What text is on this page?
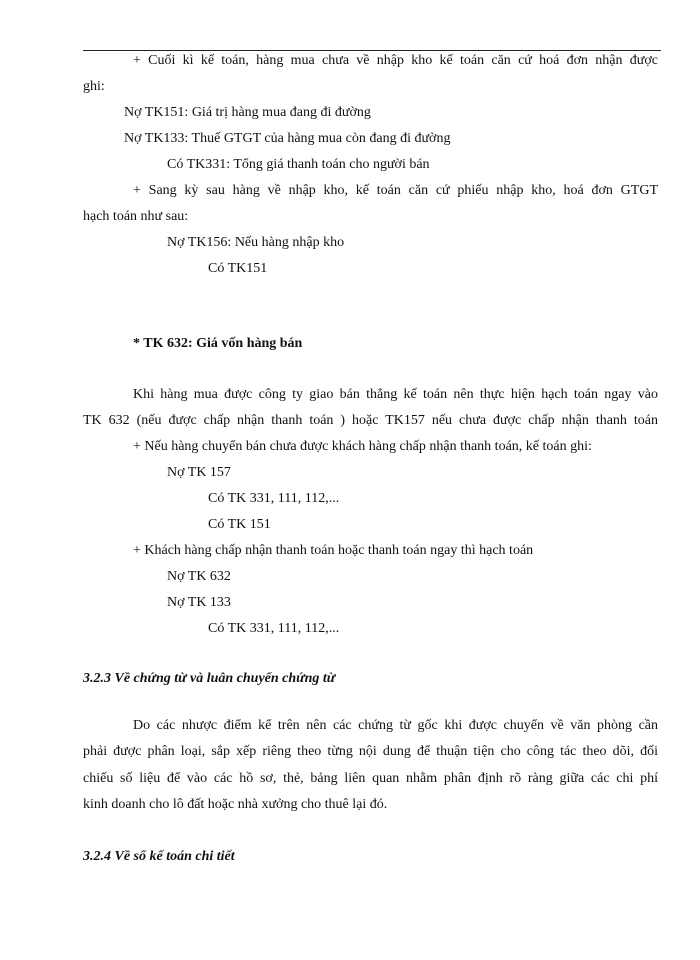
+ Cuối kì kế toán, hàng mua chưa về nhập kho kế toán căn cứ hoá đơn nhận được
ghi:
Nợ TK151: Giá trị hàng mua đang đi đường
Nợ TK133: Thuế GTGT của hàng mua còn đang đi đường
Có TK331: Tổng giá thanh toán cho người bán
+ Sang kỳ sau hàng về nhập kho, kế toán căn cứ phiếu nhập kho, hoá đơn GTGT
hạch toán như sau:
Nợ TK156: Nếu hàng nhập kho
Có TK151
* TK 632: Giá vốn hàng bán
Khi hàng mua được công ty giao bán thẳng kế toán nên thực hiện hạch toán ngay vào
TK 632 (nếu được chấp nhận thanh toán ) hoặc TK157 nếu chưa được chấp nhận thanh toán
+ Nếu hàng chuyển bán chưa được khách hàng chấp nhận thanh toán, kế toán ghi:
Nợ TK 157
Có TK 331, 111, 112,...
Có TK 151
+ Khách hàng chấp nhận thanh toán hoặc thanh toán ngay thì hạch toán
Nợ TK 632
Nợ TK 133
Có TK 331, 111, 112,...
3.2.3 Về chứng từ và luân chuyển chứng từ
Do các nhược điểm kể trên nên các chứng từ gốc khi được chuyển về văn phòng cần
phải được phân loại, sắp xếp riêng theo từng nội dung để thuận tiện cho công tác theo dõi, đối
chiếu số liệu để vào các hồ sơ, thẻ, bảng liên quan nhằm phân định rõ ràng giữa các chi phí
kinh doanh cho lô đất hoặc nhà xưởng cho thuê lại đó.
3.2.4 Về sổ kế toán chi tiết
